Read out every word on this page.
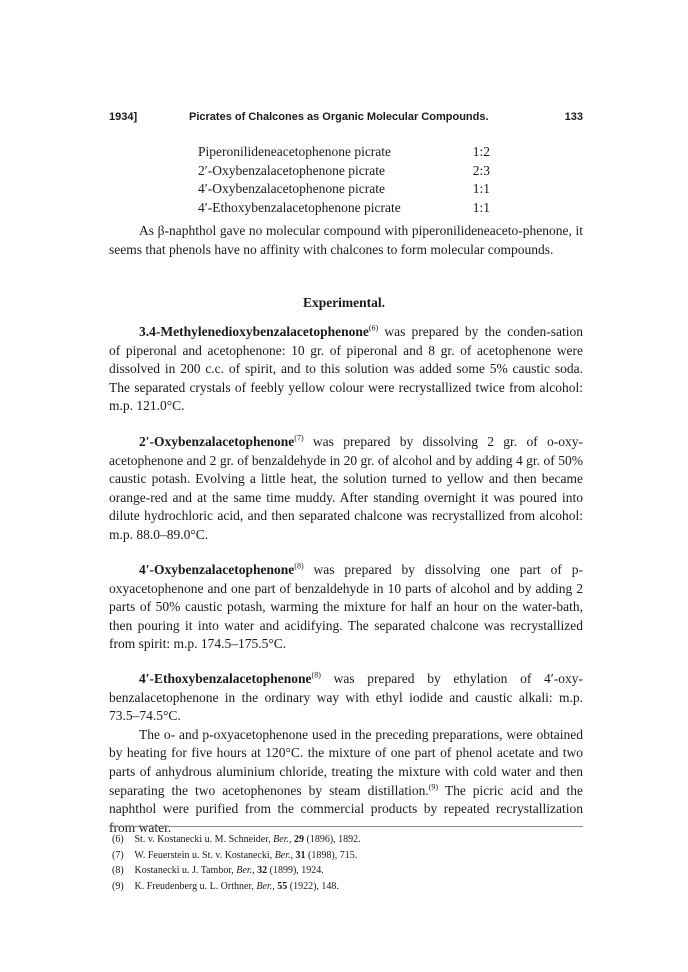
1934]	Picrates of Chalcones as Organic Molecular Compounds.	133
Piperonilideneacetophenone picrate	1:2
2′-Oxybenzalacetophenone picrate	2:3
4′-Oxybenzalacetophenone picrate	1:1
4′-Ethoxybenzalacetophenone picrate	1:1

As β-naphthol gave no molecular compound with piperonilideneaceto-phenone, it seems that phenols have no affinity with chalcones to form molecular compounds.

Experimental.

3.4-Methylenedioxybenzalacetophenone$^{(6)}$ was prepared by the conden-sation of piperonal and acetophenone: 10 gr. of piperonal and 8 gr. of acetophenone were dissolved in 200 c.c. of spirit, and to this solution was added some 5% caustic soda. The separated crystals of feebly yellow colour were recrystallized twice from alcohol: m.p. 121.0°C.

2′-Oxybenzalacetophenone$^{(7)}$ was prepared by dissolving 2 gr. of o-oxy-acetophenone and 2 gr. of benzaldehyde in 20 gr. of alcohol and by adding 4 gr. of 50% caustic potash. Evolving a little heat, the solution turned to yellow and then became orange-red and at the same time muddy. After standing overnight it was poured into dilute hydrochloric acid, and then separated chalcone was recrystallized from alcohol: m.p. 88.0–89.0°C.

4′-Oxybenzalacetophenone$^{(8)}$ was prepared by dissolving one part of p-oxyacetophenone and one part of benzaldehyde in 10 parts of alcohol and by adding 2 parts of 50% caustic potash, warming the mixture for half an hour on the water-bath, then pouring it into water and acidifying. The separated chalcone was recrystallized from spirit: m.p. 174.5–175.5°C.

4′-Ethoxybenzalacetophenone$^{(8)}$ was prepared by ethylation of 4′-oxy-benzalacetophenone in the ordinary way with ethyl iodide and caustic alkali: m.p. 73.5–74.5°C.

The o- and p-oxyacetophenone used in the preceding preparations, were obtained by heating for five hours at 120°C. the mixture of one part of phenol acetate and two parts of anhydrous aluminium chloride, treating the mixture with cold water and then separating the two acetophenones by steam distillation.$^{(9)}$ The picric acid and the naphthol were purified from the commercial products by repeated recrystallization from water.

(6) St. v. Kostanecki u. M. Schneider, Ber., 29 (1896), 1892.
(7) W. Feuerstein u. St. v. Kostanecki, Ber., 31 (1898), 715.
(8) Kostanecki u. J. Tambor, Ber., 32 (1899), 1924.
(9) K. Freudenberg u. L. Orthner, Ber., 55 (1922), 148.
